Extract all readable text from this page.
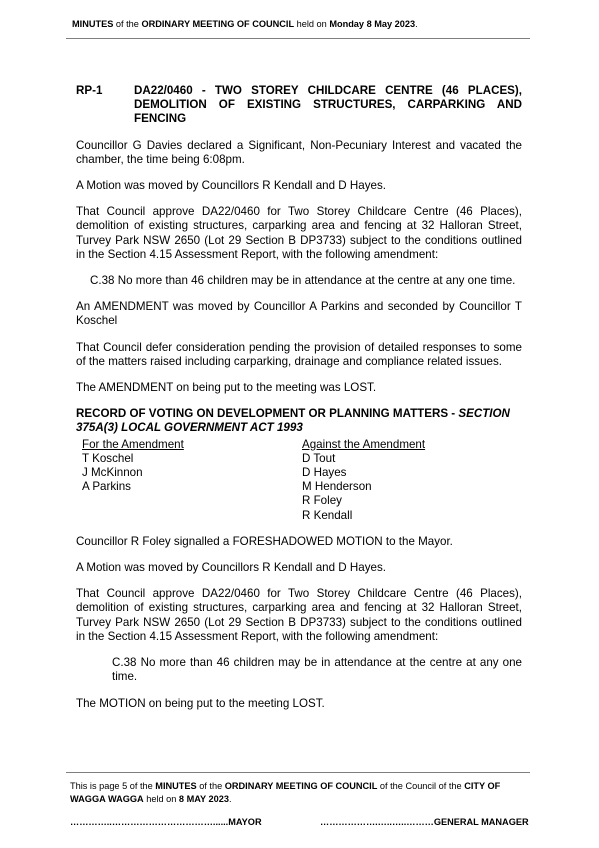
MINUTES of the ORDINARY MEETING OF COUNCIL held on Monday 8 May 2023.
RP-1	DA22/0460 - TWO STOREY CHILDCARE CENTRE (46 PLACES), DEMOLITION OF EXISTING STRUCTURES, CARPARKING AND FENCING

Councillor G Davies declared a Significant, Non-Pecuniary Interest and vacated the chamber, the time being 6:08pm.

A Motion was moved by Councillors R Kendall and D Hayes.

That Council approve DA22/0460 for Two Storey Childcare Centre (46 Places), demolition of existing structures, carparking area and fencing at 32 Halloran Street, Turvey Park NSW 2650 (Lot 29 Section B DP3733) subject to the conditions outlined in the Section 4.15 Assessment Report, with the following amendment:

C.38 No more than 46 children may be in attendance at the centre at any one time.

An AMENDMENT was moved by Councillor A Parkins and seconded by Councillor T Koschel

That Council defer consideration pending the provision of detailed responses to some of the matters raised including carparking, drainage and compliance related issues.

The AMENDMENT on being put to the meeting was LOST.

RECORD OF VOTING ON DEVELOPMENT OR PLANNING MATTERS - SECTION 375A(3) LOCAL GOVERNMENT ACT 1993
For the Amendment
T Koschel
J McKinnon
A Parkins
Against the Amendment
D Tout
D Hayes
M Henderson
R Foley
R Kendall

Councillor R Foley signalled a FORESHADOWED MOTION to the Mayor.

A Motion was moved by Councillors R Kendall and D Hayes.

That Council approve DA22/0460 for Two Storey Childcare Centre (46 Places), demolition of existing structures, carparking area and fencing at 32 Halloran Street, Turvey Park NSW 2650 (Lot 29 Section B DP3733) subject to the conditions outlined in the Section 4.15 Assessment Report, with the following amendment:

C.38 No more than 46 children may be in attendance at the centre at any one time.

The MOTION on being put to the meeting LOST.

This is page 5 of the MINUTES of the ORDINARY MEETING OF COUNCIL of the Council of the CITY OF WAGGA WAGGA held on 8 MAY 2023.
…………..……………………………......MAYOR	……………….…..…..………GENERAL MANAGER
